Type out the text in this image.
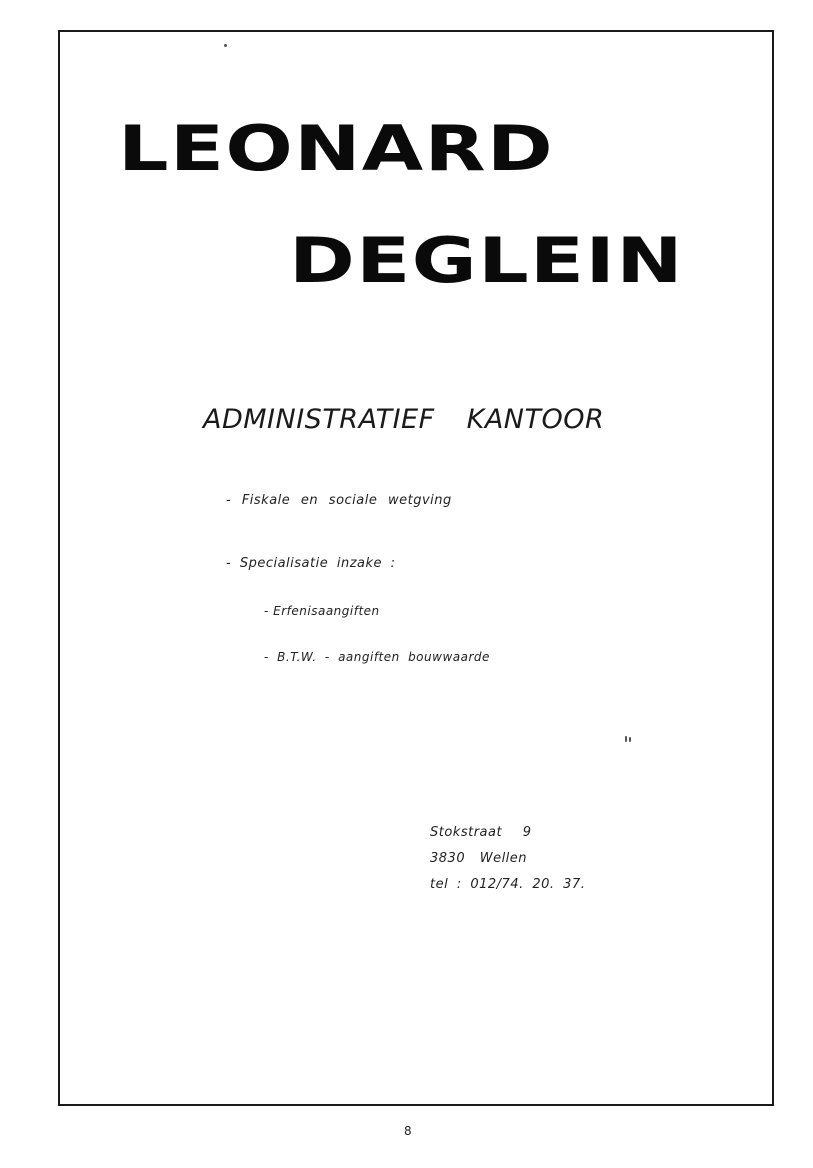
LEONARD
DEGLEIN
ADMINISTRATIEF KANTOOR
- Fiskale en sociale wetgving
- Specialisatie inzake :
- Erfenisaangiften
- B.T.W. - aangiften bouwwaarde
Stokstraat 9
3830 Wellen
tel : 012/74. 20. 37.
8
